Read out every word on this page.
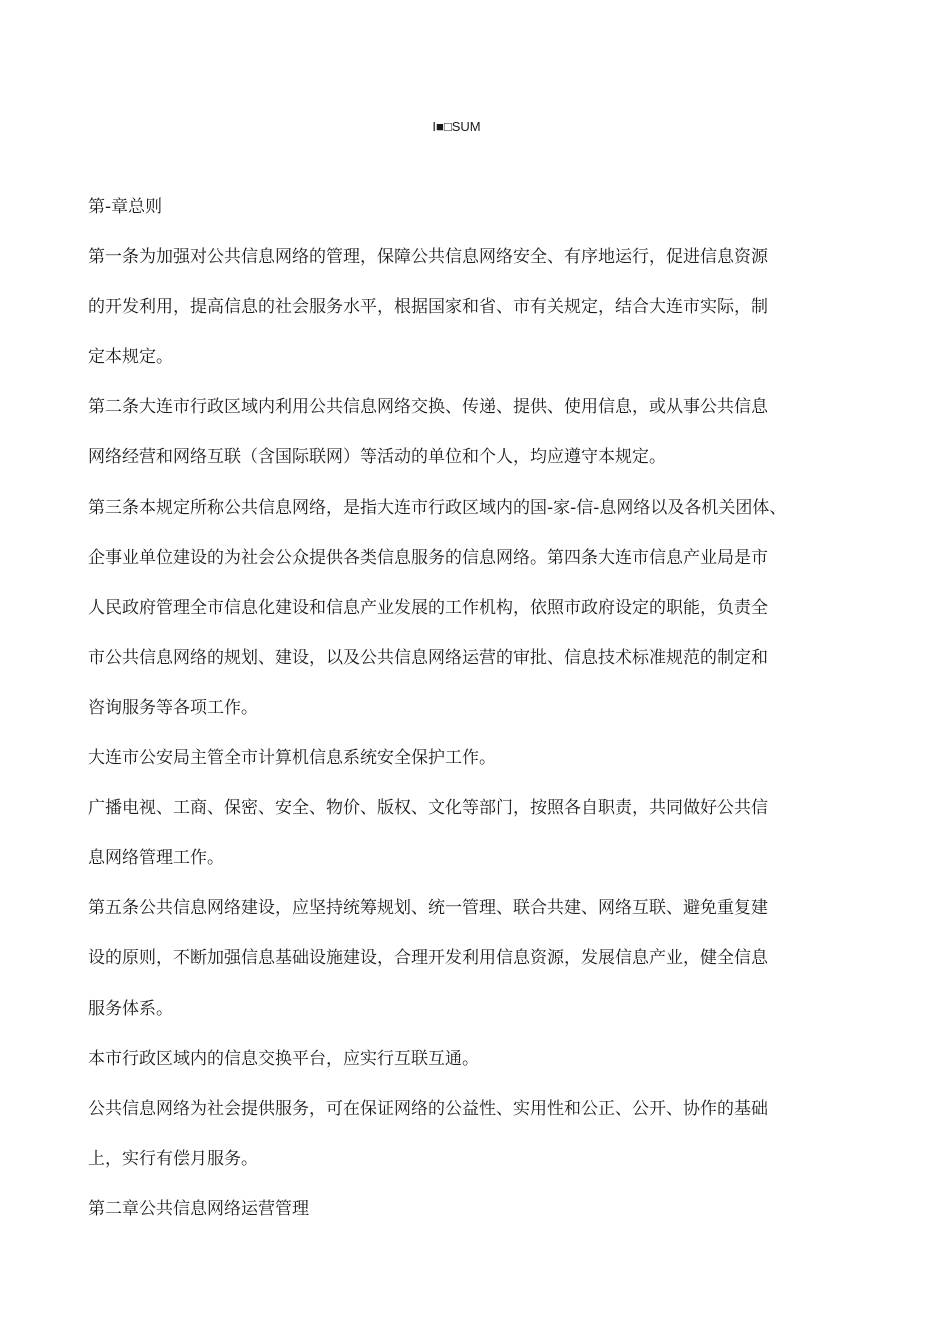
I■□SUM
第-章总则
第一条为加强对公共信息网络的管理，保障公共信息网络安全、有序地运行，促进信息资源
的开发利用，提高信息的社会服务水平，根据国家和省、市有关规定，结合大连市实际，制
定本规定。
第二条大连市行政区域内利用公共信息网络交换、传递、提供、使用信息，或从事公共信息
网络经营和网络互联（含国际联网）等活动的单位和个人，均应遵守本规定。
第三条本规定所称公共信息网络，是指大连市行政区域内的国-家-信-息网络以及各机关团体、
企事业单位建设的为社会公众提供各类信息服务的信息网络。第四条大连市信息产业局是市
人民政府管理全市信息化建设和信息产业发展的工作机构，依照市政府设定的职能，负责全
市公共信息网络的规划、建设，以及公共信息网络运营的审批、信息技术标准规范的制定和
咨询服务等各项工作。
大连市公安局主管全市计算机信息系统安全保护工作。
广播电视、工商、保密、安全、物价、版权、文化等部门，按照各自职责，共同做好公共信
息网络管理工作。
第五条公共信息网络建设，应坚持统筹规划、统一管理、联合共建、网络互联、避免重复建
设的原则，不断加强信息基础设施建设，合理开发利用信息资源，发展信息产业，健全信息
服务体系。
本市行政区域内的信息交换平台，应实行互联互通。
公共信息网络为社会提供服务，可在保证网络的公益性、实用性和公正、公开、协作的基础
上，实行有偿月服务。
第二章公共信息网络运营管理
